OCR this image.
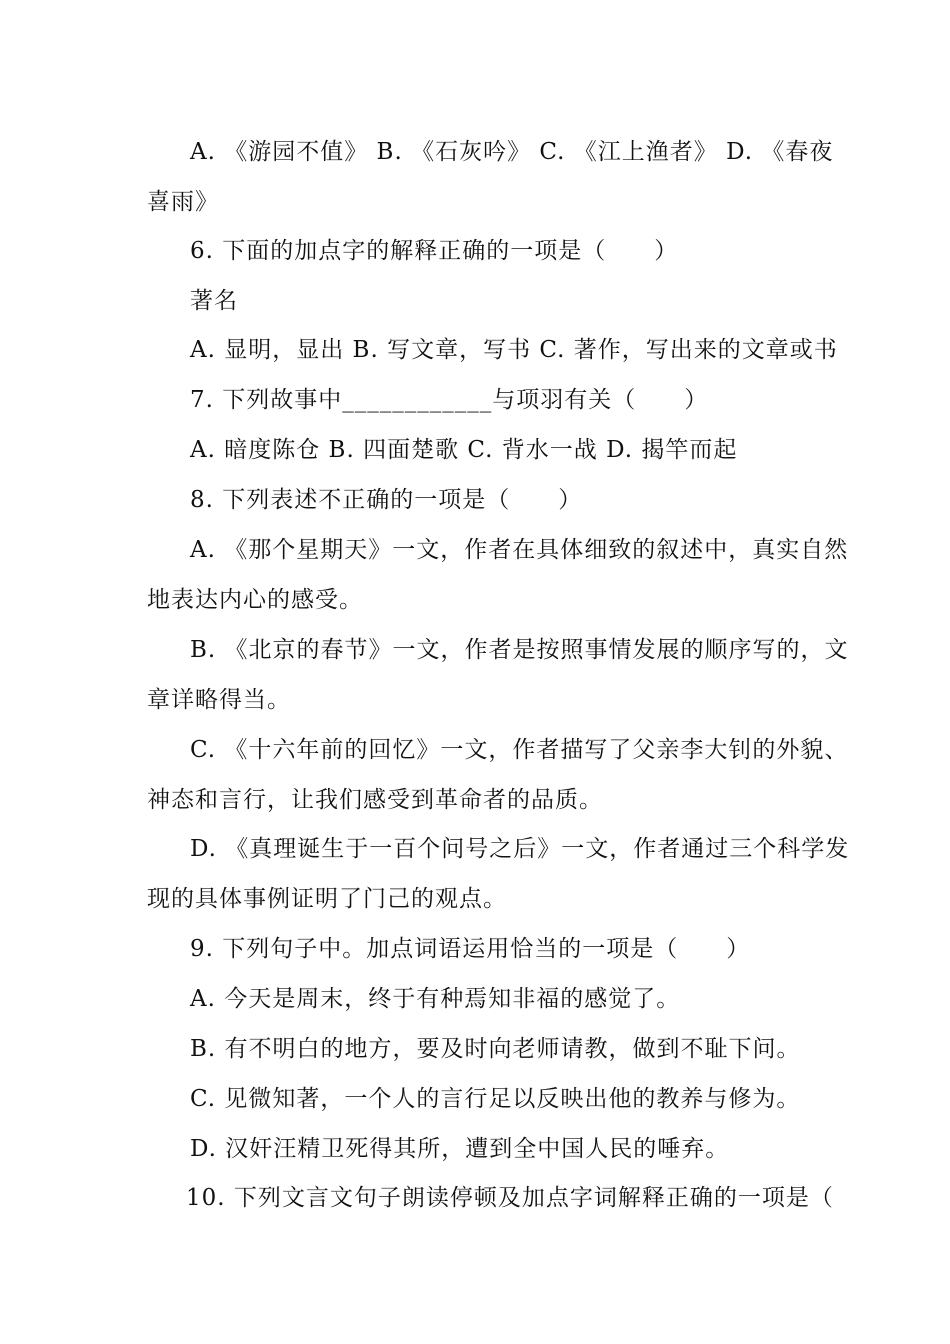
A. 《游园不值》 B. 《石灰吟》 C. 《江上渔者》 D. 《春夜
喜雨》
6. 下面的加点字的解释正确的一项是（　　）
著名
A. 显明，显出 B. 写文章，写书 C. 著作，写出来的文章或书
7. 下列故事中____________与项羽有关（　　）
A. 暗度陈仓 B. 四面楚歌 C. 背水一战 D. 揭竿而起
8. 下列表述不正确的一项是（　　）
A. 《那个星期天》一文，作者在具体细致的叙述中，真实自然
地表达内心的感受。
B. 《北京的春节》一文，作者是按照事情发展的顺序写的，文
章详略得当。
C. 《十六年前的回忆》一文，作者描写了父亲李大钊的外貌、
神态和言行，让我们感受到革命者的品质。
D. 《真理诞生于一百个问号之后》一文，作者通过三个科学发
现的具体事例证明了门己的观点。
9. 下列句子中。加点词语运用恰当的一项是（　　）
A. 今天是周末，终于有种焉知非福的感觉了。
B. 有不明白的地方，要及时向老师请教，做到不耻下问。
C. 见微知著，一个人的言行足以反映出他的教养与修为。
D. 汉奸汪精卫死得其所，遭到全中国人民的唾弃。
10. 下列文言文句子朗读停顿及加点字词解释正确的一项是（
